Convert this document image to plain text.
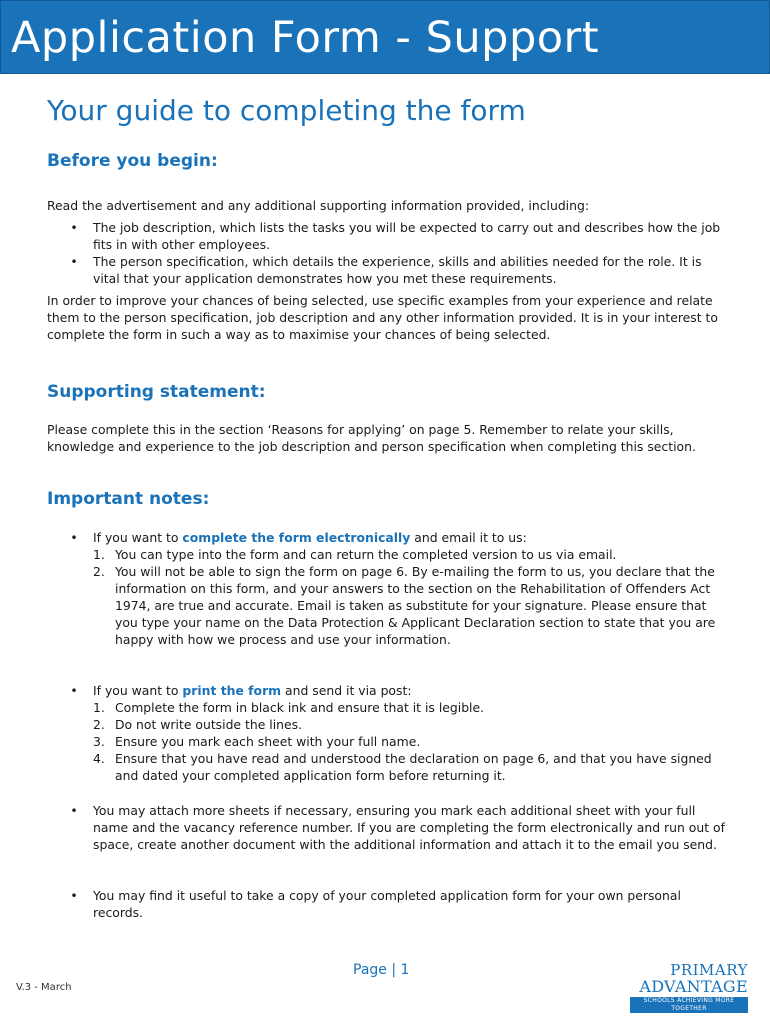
Application Form - Support
Your guide to completing the form
Before you begin:
Read the advertisement and any additional supporting information provided, including:
• The job description, which lists the tasks you will be expected to carry out and describes how the job fits in with other employees.
• The person specification, which details the experience, skills and abilities needed for the role. It is vital that your application demonstrates how you met these requirements.
In order to improve your chances of being selected, use specific examples from your experience and relate them to the person specification, job description and any other information provided. It is in your interest to complete the form in such a way as to maximise your chances of being selected.
Supporting statement:
Please complete this in the section ‘Reasons for applying’ on page 5. Remember to relate your skills, knowledge and experience to the job description and person specification when completing this section.
Important notes:
• If you want to complete the form electronically and email it to us:
1. You can type into the form and can return the completed version to us via email.
2. You will not be able to sign the form on page 6. By e-mailing the form to us, you declare that the information on this form, and your answers to the section on the Rehabilitation of Offenders Act 1974, are true and accurate. Email is taken as substitute for your signature. Please ensure that you type your name on the Data Protection & Applicant Declaration section to state that you are happy with how we process and use your information.
• If you want to print the form and send it via post:
1. Complete the form in black ink and ensure that it is legible.
2. Do not write outside the lines.
3. Ensure you mark each sheet with your full name.
4. Ensure that you have read and understood the declaration on page 6, and that you have signed and dated your completed application form before returning it.
• You may attach more sheets if necessary, ensuring you mark each additional sheet with your full name and the vacancy reference number. If you are completing the form electronically and run out of space, create another document with the additional information and attach it to the email you send.
• You may find it useful to take a copy of your completed application form for your own personal records.
Page | 1
V.3 - March
PRIMARY
ADVANTAGE
SCHOOLS ACHIEVING MORE TOGETHER
